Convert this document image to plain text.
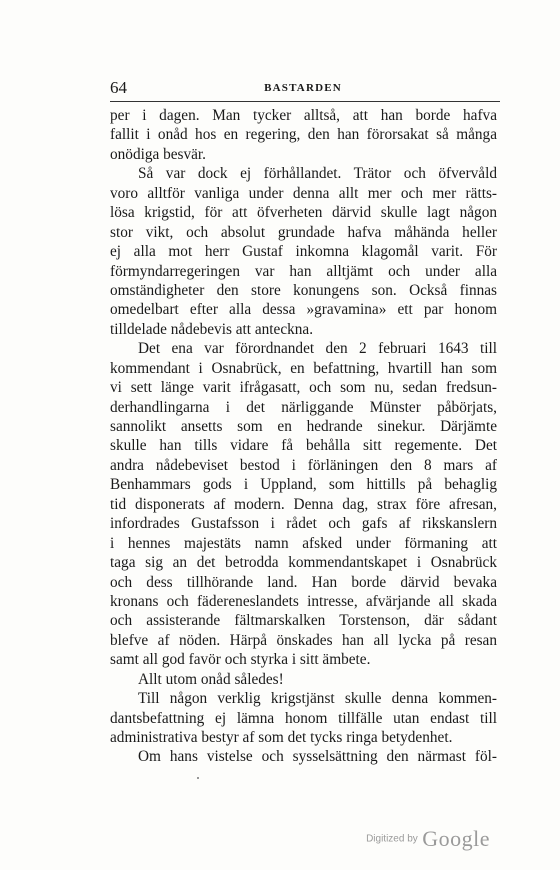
64	BASTARDEN
per i dagen. Man tycker alltså, att han borde hafva
fallit i onåd hos en regering, den han förorsakat så många
onödiga besvär.
Så var dock ej förhållandet. Trätor och öfvervåld
voro alltför vanliga under denna allt mer och mer rätts-
lösa krigstid, för att öfverheten därvid skulle lagt någon
stor vikt, och absolut grundade hafva måhända heller
ej alla mot herr Gustaf inkomna klagomål varit. För
förmyndarregeringen var han alltjämt och under alla
omständigheter den store konungens son. Också finnas
omedelbart efter alla dessa »gravamina» ett par honom
tilldelade nådebevis att anteckna.
Det ena var förordnandet den 2 februari 1643 till
kommendant i Osnabrück, en befattning, hvartill han som
vi sett länge varit ifrågasatt, och som nu, sedan fredsun-
derhandlingarna i det närliggande Münster påbörjats,
sannolikt ansetts som en hedrande sinekur. Därjämte
skulle han tills vidare få behålla sitt regemente. Det
andra nådebeviset bestod i förläningen den 8 mars af
Benhammars gods i Uppland, som hittills på behaglig
tid disponerats af modern. Denna dag, strax före afresan,
infordrades Gustafsson i rådet och gafs af rikskanslern
i hennes majestäts namn afsked under förmaning att
taga sig an det betrodda kommendantskapet i Osnabrück
och dess tillhörande land. Han borde därvid bevaka
kronans och fädereneslandets intresse, afvärjande all skada
och assisterande fältmarskalken Torstenson, där sådant
blefve af nöden. Härpå önskades han all lycka på resan
samt all god favör och styrka i sitt ämbete.
Allt utom onåd således!
Till någon verklig krigstjänst skulle denna kommen-
dantsbefattning ej lämna honom tillfälle utan endast till
administrativa bestyr af som det tycks ringa betydenhet.
Om hans vistelse och sysselsättning den närmast föl-
Digitized by Google
